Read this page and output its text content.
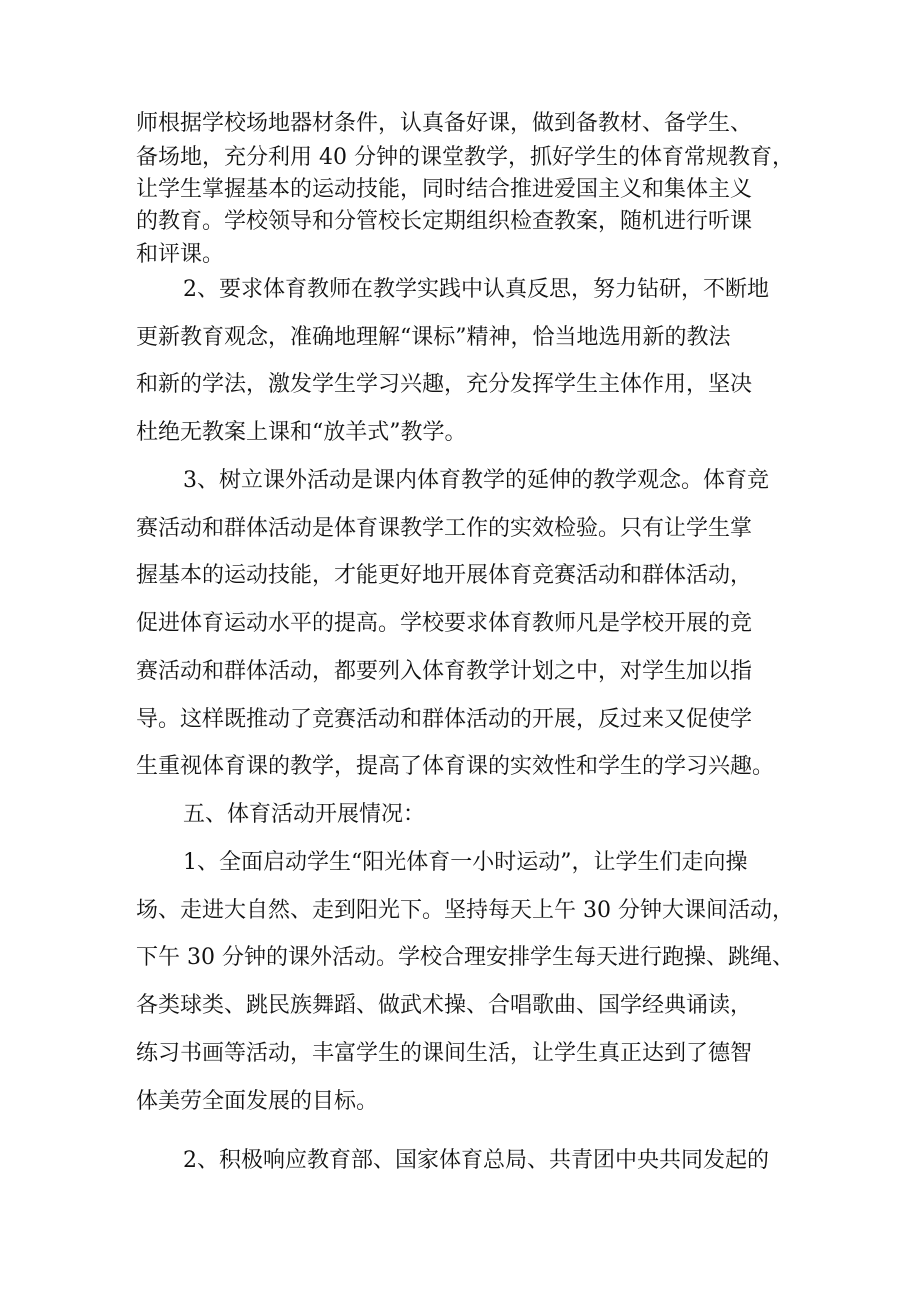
师根据学校场地器材条件，认真备好课，做到备教材、备学生、
备场地，充分利用 40 分钟的课堂教学，抓好学生的体育常规教育，
让学生掌握基本的运动技能，同时结合推进爱国主义和集体主义
的教育。学校领导和分管校长定期组织检查教案，随机进行听课
和评课。
2、要求体育教师在教学实践中认真反思，努力钻研，不断地
更新教育观念，准确地理解“课标”精神，恰当地选用新的教法
和新的学法，激发学生学习兴趣，充分发挥学生主体作用，坚决
杜绝无教案上课和“放羊式”教学。
3、树立课外活动是课内体育教学的延伸的教学观念。体育竞
赛活动和群体活动是体育课教学工作的实效检验。只有让学生掌
握基本的运动技能，才能更好地开展体育竞赛活动和群体活动，
促进体育运动水平的提高。学校要求体育教师凡是学校开展的竞
赛活动和群体活动，都要列入体育教学计划之中，对学生加以指
导。这样既推动了竞赛活动和群体活动的开展，反过来又促使学
生重视体育课的教学，提高了体育课的实效性和学生的学习兴趣。
五、体育活动开展情况：
1、全面启动学生“阳光体育一小时运动”，让学生们走向操
场、走进大自然、走到阳光下。坚持每天上午 30 分钟大课间活动，
下午 30 分钟的课外活动。学校合理安排学生每天进行跑操、跳绳、
各类球类、跳民族舞蹈、做武术操、合唱歌曲、国学经典诵读，
练习书画等活动，丰富学生的课间生活，让学生真正达到了德智
体美劳全面发展的目标。
2、积极响应教育部、国家体育总局、共青团中央共同发起的
